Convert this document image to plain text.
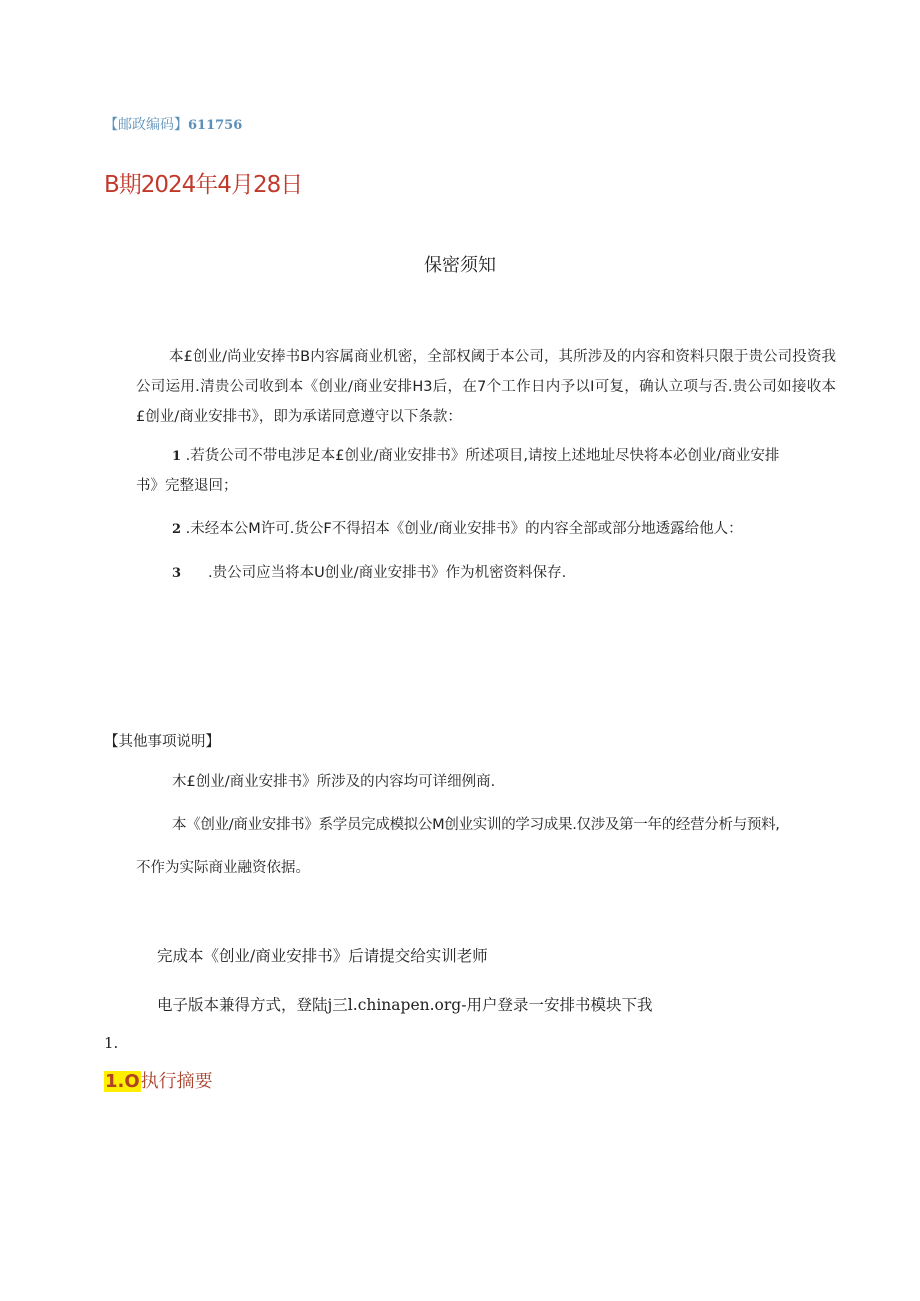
【邮政编码】611756
B期2024年4月28日
保密须知
本£创业/尚业安捧书B内容属商业机密，全部权阈于本公司，其所涉及的内容和资料只限于贵公司投资我公司运用.清贵公司收到本《创业/商业安排H3后，在7个工作日内予以I可复，确认立项与否.贵公司如接收本£创业/商业安排书》，即为承诺同意遵守以下条款：
1 .若货公司不带电涉足本£创业/商业安排书》所述项目,请按上述地址尽快将本必创业/商业安排
书》完整退回；
2 .未经本公M许可.货公F不得招本《创业/商业安排书》的内容全部或部分地透露给他人：
3 .贵公司应当将本U创业/商业安排书》作为机密资料保存.
【其他事项说明】
木£创业/商业安排书》所涉及的内容均可详细例商.
本《创业/商业安排书》系学员完成模拟公M创业实训的学习成果.仅涉及第一年的经营分析与预料,
不作为实际商业融资依据。
完成本《创业/商业安排书》后请提交给实训老师
电子版本兼得方式，登陆j三l.chinapen.org-用户登录一安排书模块下我
1.
1.O执行摘要
